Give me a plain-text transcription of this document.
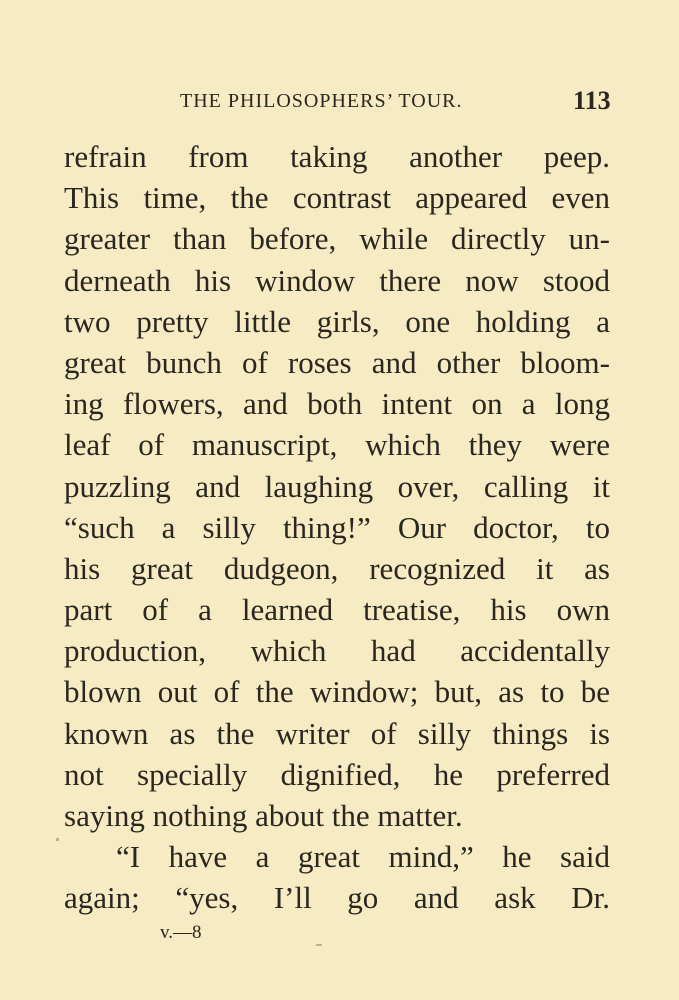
THE PHILOSOPHERS’ TOUR.	113
refrain from taking another peep.
This time, the contrast appeared even
greater than before, while directly un-
derneath his window there now stood
two pretty little girls, one holding a
great bunch of roses and other bloom-
ing flowers, and both intent on a long
leaf of manuscript, which they were
puzzling and laughing over, calling it
“such a silly thing!” Our doctor, to
his great dudgeon, recognized it as
part of a learned treatise, his own
production, which had accidentally
blown out of the window; but, as to be
known as the writer of silly things is
not specially dignified, he preferred
saying nothing about the matter.
“I have a great mind,” he said
again; “yes, I’ll go and ask Dr.
v.—8
